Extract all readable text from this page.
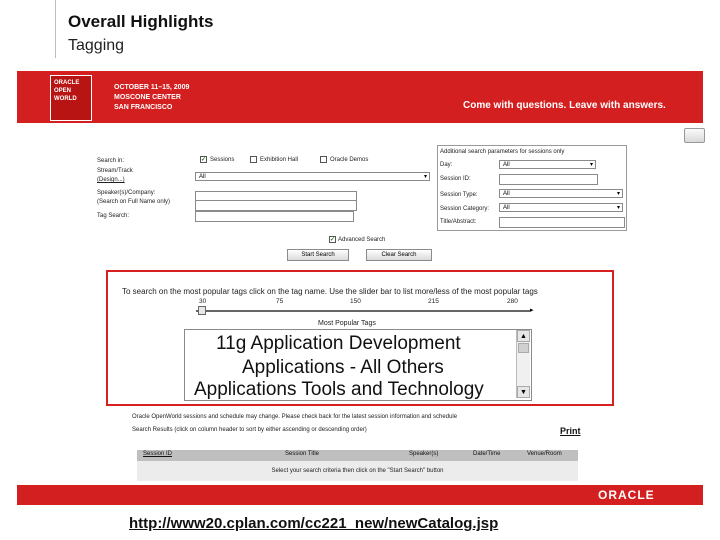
Overall Highlights
Tagging
ORACLE
OPEN
WORLD
OCTOBER 11–15, 2009
MOSCONE CENTER
SAN FRANCISCO	Come with questions. Leave with answers.
Search in:	✓ Sessions	Exhibition Hall	Oracle Demos
Stream/Track
(Design...)	All ▾
Speaker(s)/Company:
(Search on Full Name only)
Tag Search:
Additional search parameters for sessions only
Day:	All ▾
Session ID:
Session Type:	All ▾
Session Category:	All ▾
Title/Abstract:
✓ Advanced Search
Start Search	Clear Search
To search on the most popular tags click on the tag name. Use the slider bar to list more/less of the most popular tags
30	75	150	215	280
▸
Most Popular Tags
11g Application Development
Applications - All Others
Applications Tools and Technology
▲
▼
Oracle OpenWorld sessions and schedule may change. Please check back for the latest session information and schedule
Search Results (click on column header to sort by either ascending or descending order)	Print
Session ID	Session Title	Speaker(s)	Date/Time	Venue/Room
Select your search criteria then click on the "Start Search" button
ORACLE
http://www20.cplan.com/cc221_new/newCatalog.jsp
